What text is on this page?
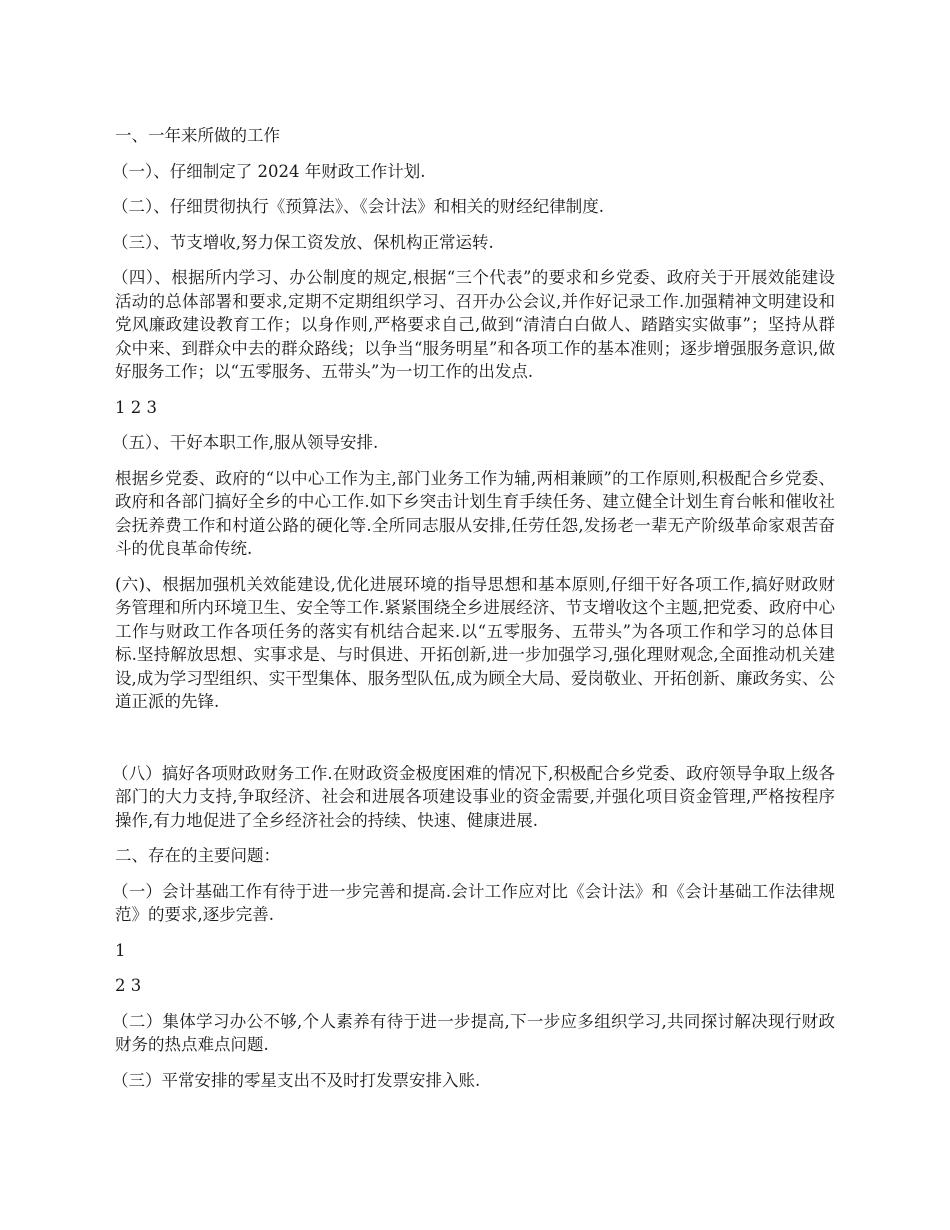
一、一年来所做的工作

（一）、仔细制定了 2024 年财政工作计划.

（二）、仔细贯彻执行《预算法》、《会计法》和相关的财经纪律制度.

（三）、节支增收,努力保工资发放、保机构正常运转.

（四）、根据所内学习、办公制度的规定,根据“三个代表”的要求和乡党委、政府关于开展效能建设活动的总体部署和要求,定期不定期组织学习、召开办公会议,并作好记录工作.加强精神文明建设和党风廉政建设教育工作；以身作则,严格要求自己,做到“清清白白做人、踏踏实实做事”；坚持从群众中来、到群众中去的群众路线；以争当“服务明星”和各项工作的基本准则；逐步增强服务意识,做好服务工作；以“五零服务、五带头”为一切工作的出发点.

1 2 3

（五）、干好本职工作,服从领导安排.

根据乡党委、政府的“以中心工作为主,部门业务工作为辅,两相兼顾”的工作原则,积极配合乡党委、政府和各部门搞好全乡的中心工作.如下乡突击计划生育手续任务、建立健全计划生育台帐和催收社会抚养费工作和村道公路的硬化等.全所同志服从安排,任劳任怨,发扬老一辈无产阶级革命家艰苦奋斗的优良革命传统.

(六)、根据加强机关效能建设,优化进展环境的指导思想和基本原则,仔细干好各项工作,搞好财政财务管理和所内环境卫生、安全等工作.紧紧围绕全乡进展经济、节支增收这个主题,把党委、政府中心工作与财政工作各项任务的落实有机结合起来.以“五零服务、五带头”为各项工作和学习的总体目标.坚持解放思想、实事求是、与时俱进、开拓创新,进一步加强学习,强化理财观念,全面推动机关建设,成为学习型组织、实干型集体、服务型队伍,成为顾全大局、爱岗敬业、开拓创新、廉政务实、公道正派的先锋.

（八）搞好各项财政财务工作.在财政资金极度困难的情况下,积极配合乡党委、政府领导争取上级各部门的大力支持,争取经济、社会和进展各项建设事业的资金需要,并强化项目资金管理,严格按程序操作,有力地促进了全乡经济社会的持续、快速、健康进展.

二、存在的主要问题：

（一）会计基础工作有待于进一步完善和提高.会计工作应对比《会计法》和《会计基础工作法律规范》的要求,逐步完善.

1

2 3

（二）集体学习办公不够,个人素养有待于进一步提高,下一步应多组织学习,共同探讨解决现行财政财务的热点难点问题.

（三）平常安排的零星支出不及时打发票安排入账.
